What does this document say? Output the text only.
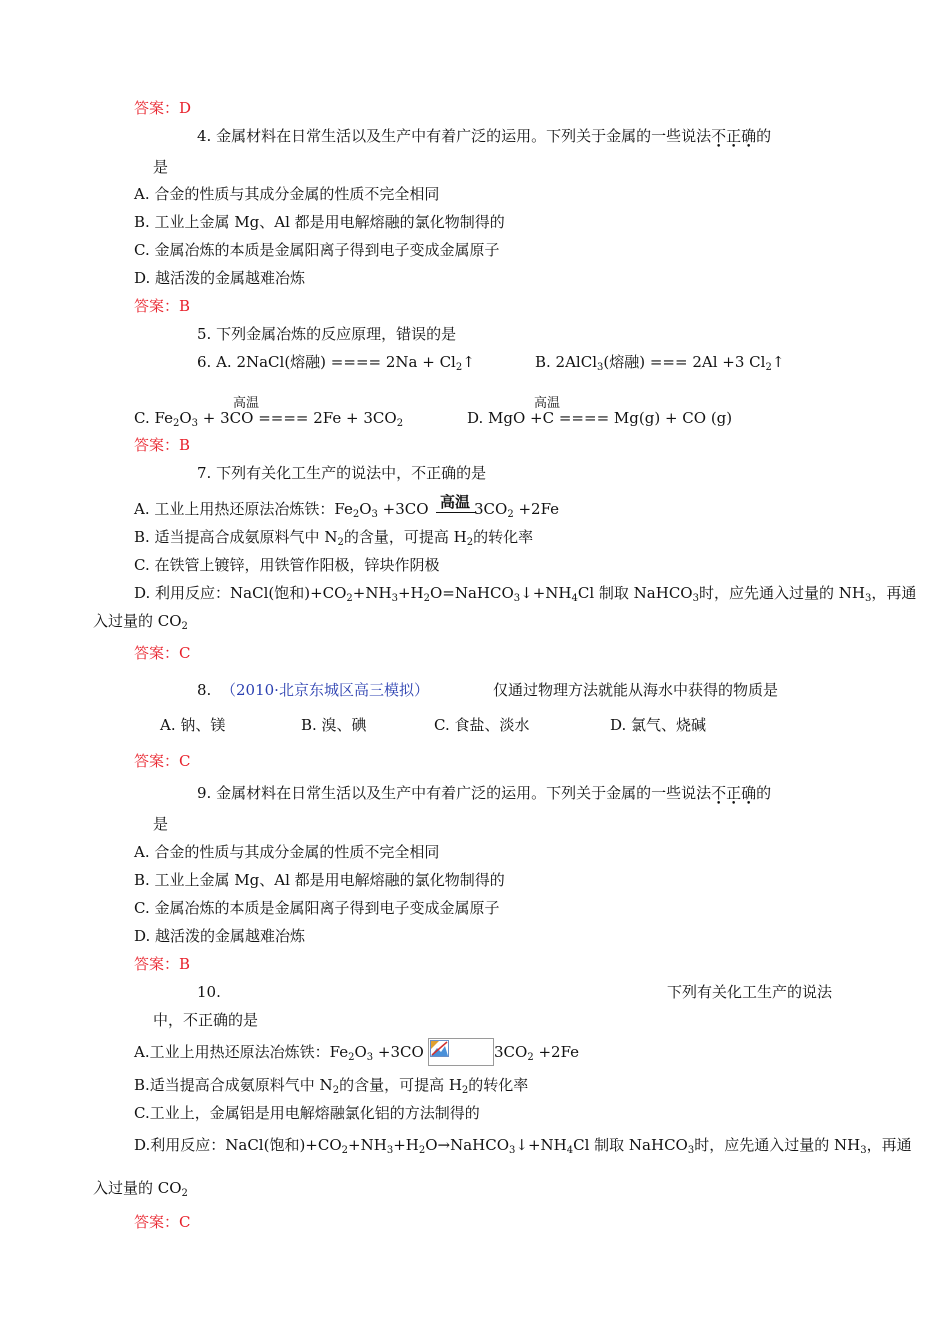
答案：D
4. 金属材料在日常生活以及生产中有着广泛的运用。下列关于金属的一些说法不正确的
是
A. 合金的性质与其成分金属的性质不完全相同
B. 工业上金属 Mg、Al 都是用电解熔融的氯化物制得的
C. 金属冶炼的本质是金属阳离子得到电子变成金属原子
D. 越活泼的金属越难冶炼
答案：B
5. 下列金属冶炼的反应原理，错误的是
6. A. 2NaCl(熔融) ==== $2Na + Cl_2↑$	B. 2AlCl$_3$(熔融) === 2Al +3 $Cl_2↑$
高温	高温
C. $Fe_2O_3 + 3CO$ ==== $2Fe + 3CO_2$	D. MgO +C ==== Mg(g) + CO (g)
答案：B
7. 下列有关化工生产的说法中，不正确的是
高温
A. 工业上用热还原法冶炼铁：$Fe_2O_3 +3CO$	$3CO_2 +2Fe$
B. 适当提高合成氨原料气中 $N_2$的含量，可提高 $H_2$的转化率
C. 在铁管上镀锌，用铁管作阳极，锌块作阴极
D. 利用反应：NaCl(饱和)$+CO_2+NH_3+H_2O=NaHCO_3↓+NH_4Cl$ 制取 NaHCO$_3$时，应先通入过量的 $NH_3$，再通
入过量的 $CO_2$
答案：C
8. （2010·北京东城区高三模拟）	仅通过物理方法就能从海水中获得的物质是
A. 钠、镁	B. 溴、碘	C. 食盐、淡水	D. 氯气、烧碱
答案：C
9. 金属材料在日常生活以及生产中有着广泛的运用。下列关于金属的一些说法不正确的
是
A. 合金的性质与其成分金属的性质不完全相同
B. 工业上金属 Mg、Al 都是用电解熔融的氯化物制得的
C. 金属冶炼的本质是金属阳离子得到电子变成金属原子
D. 越活泼的金属越难冶炼
答案：B
10.	下列有关化工生产的说法
中，不正确的是
A.工业上用热还原法冶炼铁：$Fe_2O_3 +3CO$	$3CO_2 +2Fe$
B.适当提高合成氨原料气中 $N_2$的含量，可提高 $H_2$的转化率
C.工业上，金属铝是用电解熔融氯化铝的方法制得的
D.利用反应：NaCl(饱和)$+CO_2+NH_3+H_2O\to NaHCO_3↓+NH_4Cl$ 制取 NaHCO$_3$时，应先通入过量的 $NH_3$，再通
入过量的 $CO_2$
答案：C
